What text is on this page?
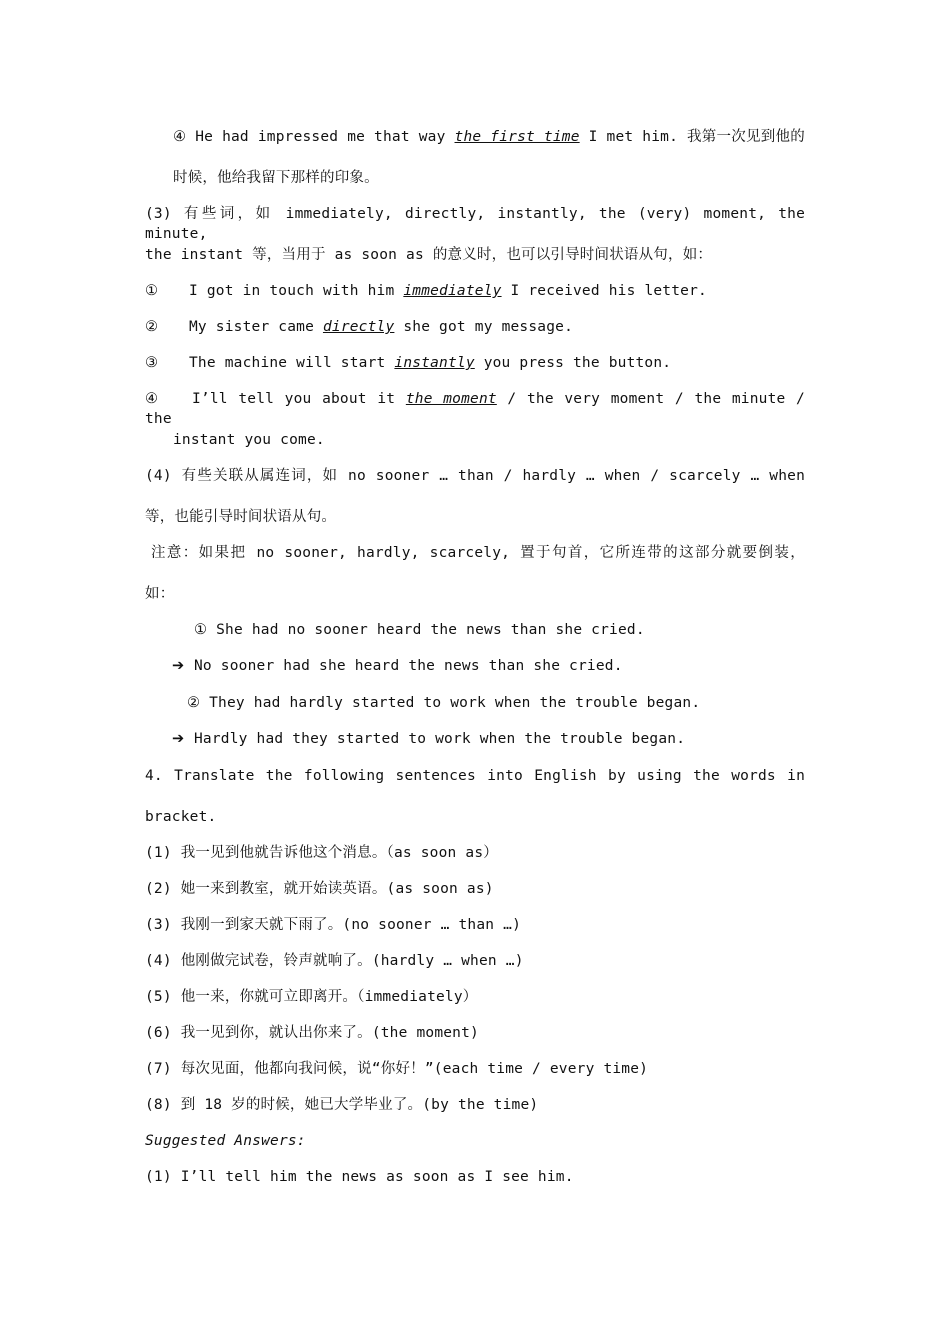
④ He had impressed me that way the first time I met him. 我第一次见到他的
时候，他给我留下那样的印象。
(3) 有些词，如 immediately, directly, instantly, the (very) moment, the minute,
the instant 等，当用于 as soon as 的意义时，也可以引导时间状语从句，如：
① I got in touch with him immediately I received his letter.
② My sister came directly she got my message.
③ The machine will start instantly you press the button.
④ I’ll tell you about it the moment / the very moment / the minute / the
instant you come.
(4) 有些关联从属连词，如 no sooner … than / hardly … when / scarcely … when
等，也能引导时间状语从句。
注意：如果把 no sooner, hardly, scarcely, 置于句首，它所连带的这部分就要倒装，
如：
① She had no sooner heard the news than she cried.
➔ No sooner had she heard the news than she cried.
② They had hardly started to work when the trouble began.
➔ Hardly had they started to work when the trouble began.
4. Translate the following sentences into English by using the words in
bracket.
(1) 我一见到他就告诉他这个消息。（as soon as）
(2) 她一来到教室，就开始读英语。(as soon as)
(3) 我刚一到家天就下雨了。(no sooner … than …)
(4) 他刚做完试卷，铃声就响了。(hardly … when …)
(5) 他一来，你就可立即离开。（immediately）
(6) 我一见到你，就认出你来了。(the moment)
(7) 每次见面，他都向我问候，说“你好！”(each time / every time)
(8) 到 18 岁的时候，她已大学毕业了。(by the time)
Suggested Answers:
(1) I’ll tell him the news as soon as I see him.
